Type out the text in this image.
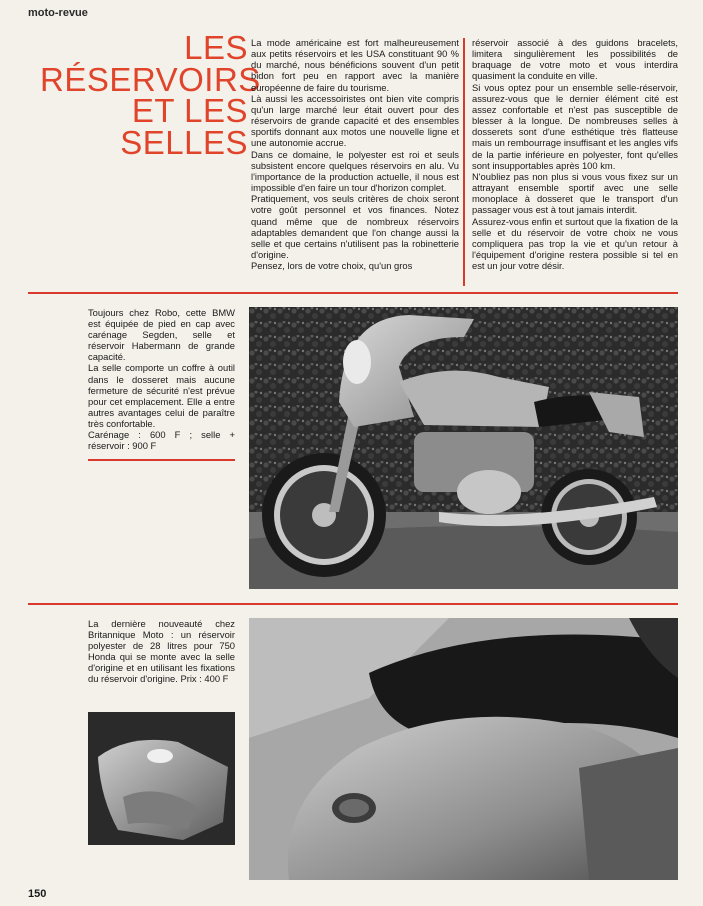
moto-revue
LES
RÉSERVOIRS
ET LES
SELLES

La mode américaine est fort malheureusement aux petits réservoirs et les USA constituant 90 % du marché, nous bénéficions souvent d'un petit bidon fort peu en rapport avec la manière européenne de faire du tourisme.

Là aussi les accessoiristes ont bien vite compris qu'un large marché leur était ouvert pour des réservoirs de grande capacité et des ensembles sportifs donnant aux motos une nouvelle ligne et une autonomie accrue.

Dans ce domaine, le polyester est roi et seuls subsistent encore quelques réservoirs en alu. Vu l'importance de la production actuelle, il nous est impossible d'en faire un tour d'horizon complet.

Pratiquement, vos seuls critères de choix seront votre goût personnel et vos finances. Notez quand même que de nombreux réservoirs adaptables demandent que l'on change aussi la selle et que certains n'utilisent pas la robinetterie d'origine.

Pensez, lors de votre choix, qu'un gros

réservoir associé à des guidons bracelets, limitera singulièrement les possibilités de braquage de votre moto et vous interdira quasiment la conduite en ville.

Si vous optez pour un ensemble selle-réservoir, assurez-vous que le dernier élément cité est assez confortable et n'est pas susceptible de blesser à la longue. De nombreuses selles à dosserets sont d'une esthétique très flatteuse mais un rembourrage insuffisant et les angles vifs de la partie inférieure en polyester, font qu'elles sont insupportables après 100 km.

N'oubliez pas non plus si vous vous fixez sur un attrayant ensemble sportif avec une selle monoplace à dosseret que le transport d'un passager vous est à tout jamais interdit.

Assurez-vous enfin et surtout que la fixation de la selle et du réservoir de votre choix ne vous compliquera pas trop la vie et qu'un retour à l'équipement d'origine restera possible si tel en est un jour votre désir.

Toujours chez Robo, cette BMW est équipée de pied en cap avec carénage Segden, selle et réservoir Habermann de grande capacité.

La selle comporte un coffre à outil dans le dosseret mais aucune fermeture de sécurité n'est prévue pour cet emplacement. Elle a entre autres avantages celui de paraître très confortable.

Carénage : 600 F ; selle + réservoir : 900 F

La dernière nouveauté chez Britannique Moto : un réservoir polyester de 28 litres pour 750 Honda qui se monte avec la selle d'origine et en utilisant les fixations du réservoir d'origine. Prix : 400 F

150
